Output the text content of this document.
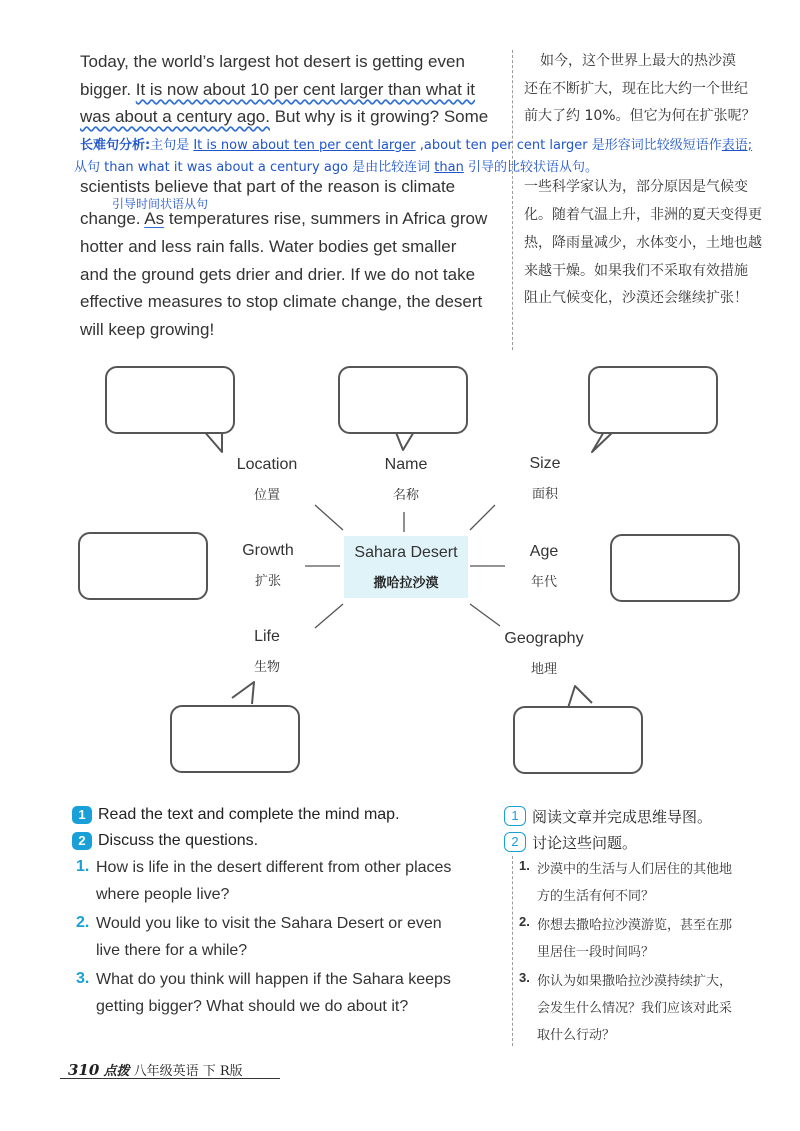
Today, the world’s largest hot desert is getting even
bigger. It is now about 10 per cent larger than what it
was about a century ago. But why is it growing? Some
scientists believe that part of the reason is climate
change. As temperatures rise, summers in Africa grow
hotter and less rain falls. Water bodies get smaller
and the ground gets drier and drier. If we do not take
effective measures to stop climate change, the desert
will keep growing!
长难句分析:主句是 It is now about ten per cent larger ,about ten per cent larger 是形容词比较级短语作表语;
从句 than what it was about a century ago 是由比较连词 than 引导的比较状语从句。
引导时间状语从句
如今，这个世界上最大的热沙漠
还在不断扩大，现在比大约一个世纪
前大了约 10%。但它为何在扩张呢？
一些科学家认为，部分原因是气候变
化。随着气温上升，非洲的夏天变得更
热，降雨量减少，水体变小，土地也越
来越干燥。如果我们不采取有效措施
阻止气候变化，沙漠还会继续扩张！
Location
位置
Name
名称
Size
面积
Growth
扩张
Age
年代
Life
生物
Geography
地理
Sahara Desert
撒哈拉沙漠
1 Read the text and complete the mind map.
2 Discuss the questions.
1 阅读文章并完成思维导图。
2 讨论这些问题。
1. How is life in the desert different from other places
where people live?
1. 沙漠中的生活与人们居住的其他地
方的生活有何不同？
2. Would you like to visit the Sahara Desert or even
live there for a while?
2. 你想去撒哈拉沙漠游览，甚至在那
里居住一段时间吗？
3. What do you think will happen if the Sahara keeps
getting bigger? What should we do about it?
3. 你认为如果撒哈拉沙漠持续扩大，
会发生什么情况？我们应该对此采
取什么行动？
310 点拨 八年级英语 下 R版
